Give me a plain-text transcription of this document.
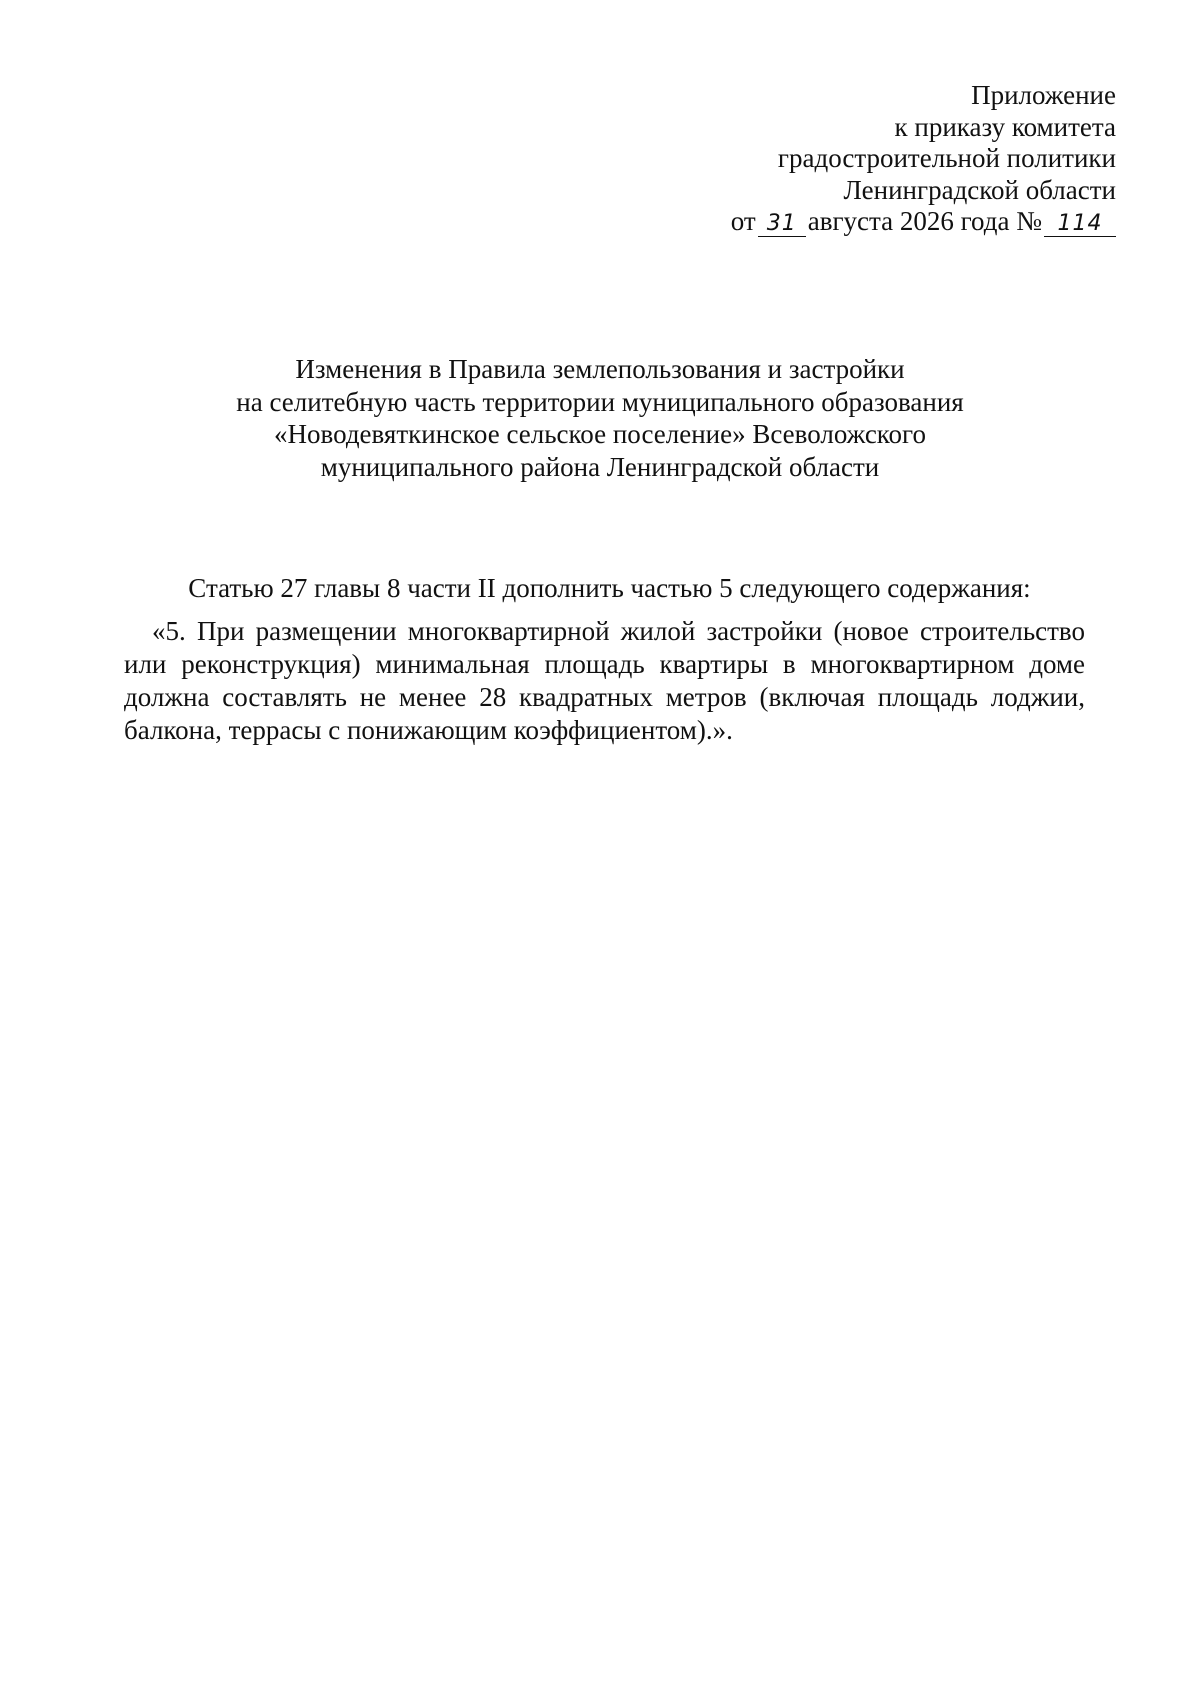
Приложение
к приказу комитета
градостроительной политики
Ленинградской области
от 31 августа 2026 года № 114
Изменения в Правила землепользования и застройки
на селитебную часть территории муниципального образования
«Новодевяткинское сельское поселение» Всеволожского
муниципального района Ленинградской области

Статью 27 главы 8 части II дополнить частью 5 следующего содержания:

«5. При размещении многоквартирной жилой застройки (новое строительство или реконструкция) минимальная площадь квартиры в многоквартирном доме должна составлять не менее 28 квадратных метров (включая площадь лоджии, балкона, террасы с понижающим коэффициентом).».
